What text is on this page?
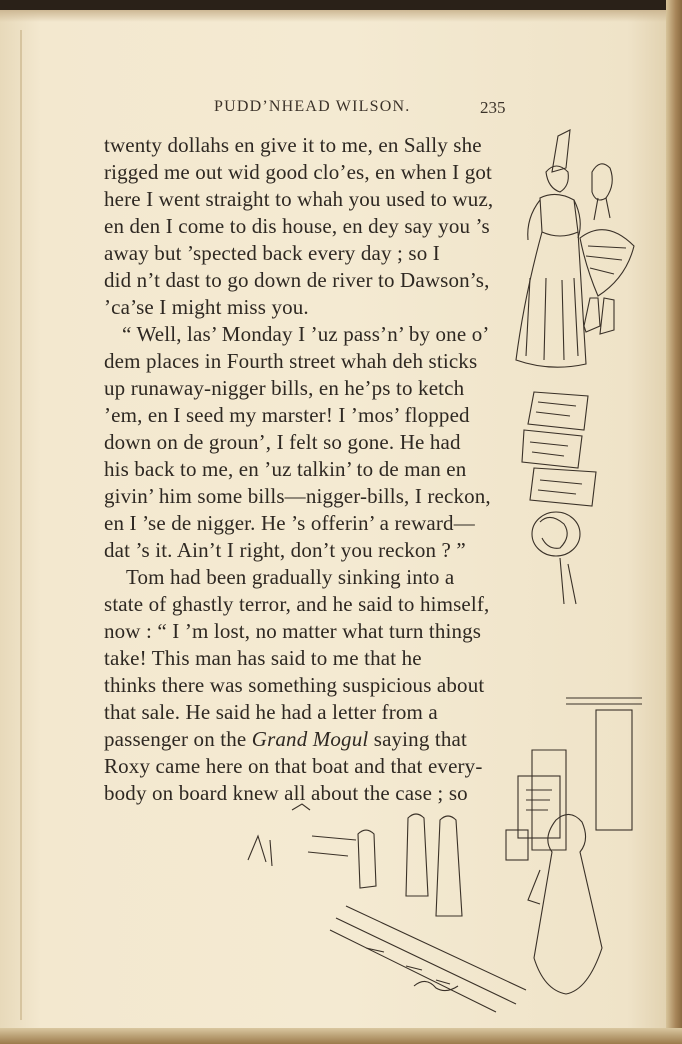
PUDD’NHEAD WILSON.	235
twenty dollahs en give it to me, en Sally she
rigged me out wid good clo’es, en when I got
here I went straight to whah you used to wuz,
en den I come to dis house, en dey say you ’s
away but ’spected back every day ; so I
did n’t dast to go down de river to Dawson’s,
’ca’se I might miss you.
“ Well, las’ Monday I ’uz pass’n’ by one o’
dem places in Fourth street whah deh sticks
up runaway-nigger bills, en he’ps to ketch
’em, en I seed my marster! I ’mos’ flopped
down on de groun’, I felt so gone. He had
his back to me, en ’uz talkin’ to de man en
givin’ him some bills—nigger-bills, I reckon,
en I ’se de nigger. He ’s offerin’ a reward—
dat ’s it. Ain’t I right, don’t you reckon ? ”
Tom had been gradually sinking into a
state of ghastly terror, and he said to himself,
now : “ I ’m lost, no matter what turn things
take! This man has said to me that he
thinks there was something suspicious about
that sale. He said he had a letter from a
passenger on the Grand Mogul saying that
Roxy came here on that boat and that every-
body on board knew all about the case ; so
